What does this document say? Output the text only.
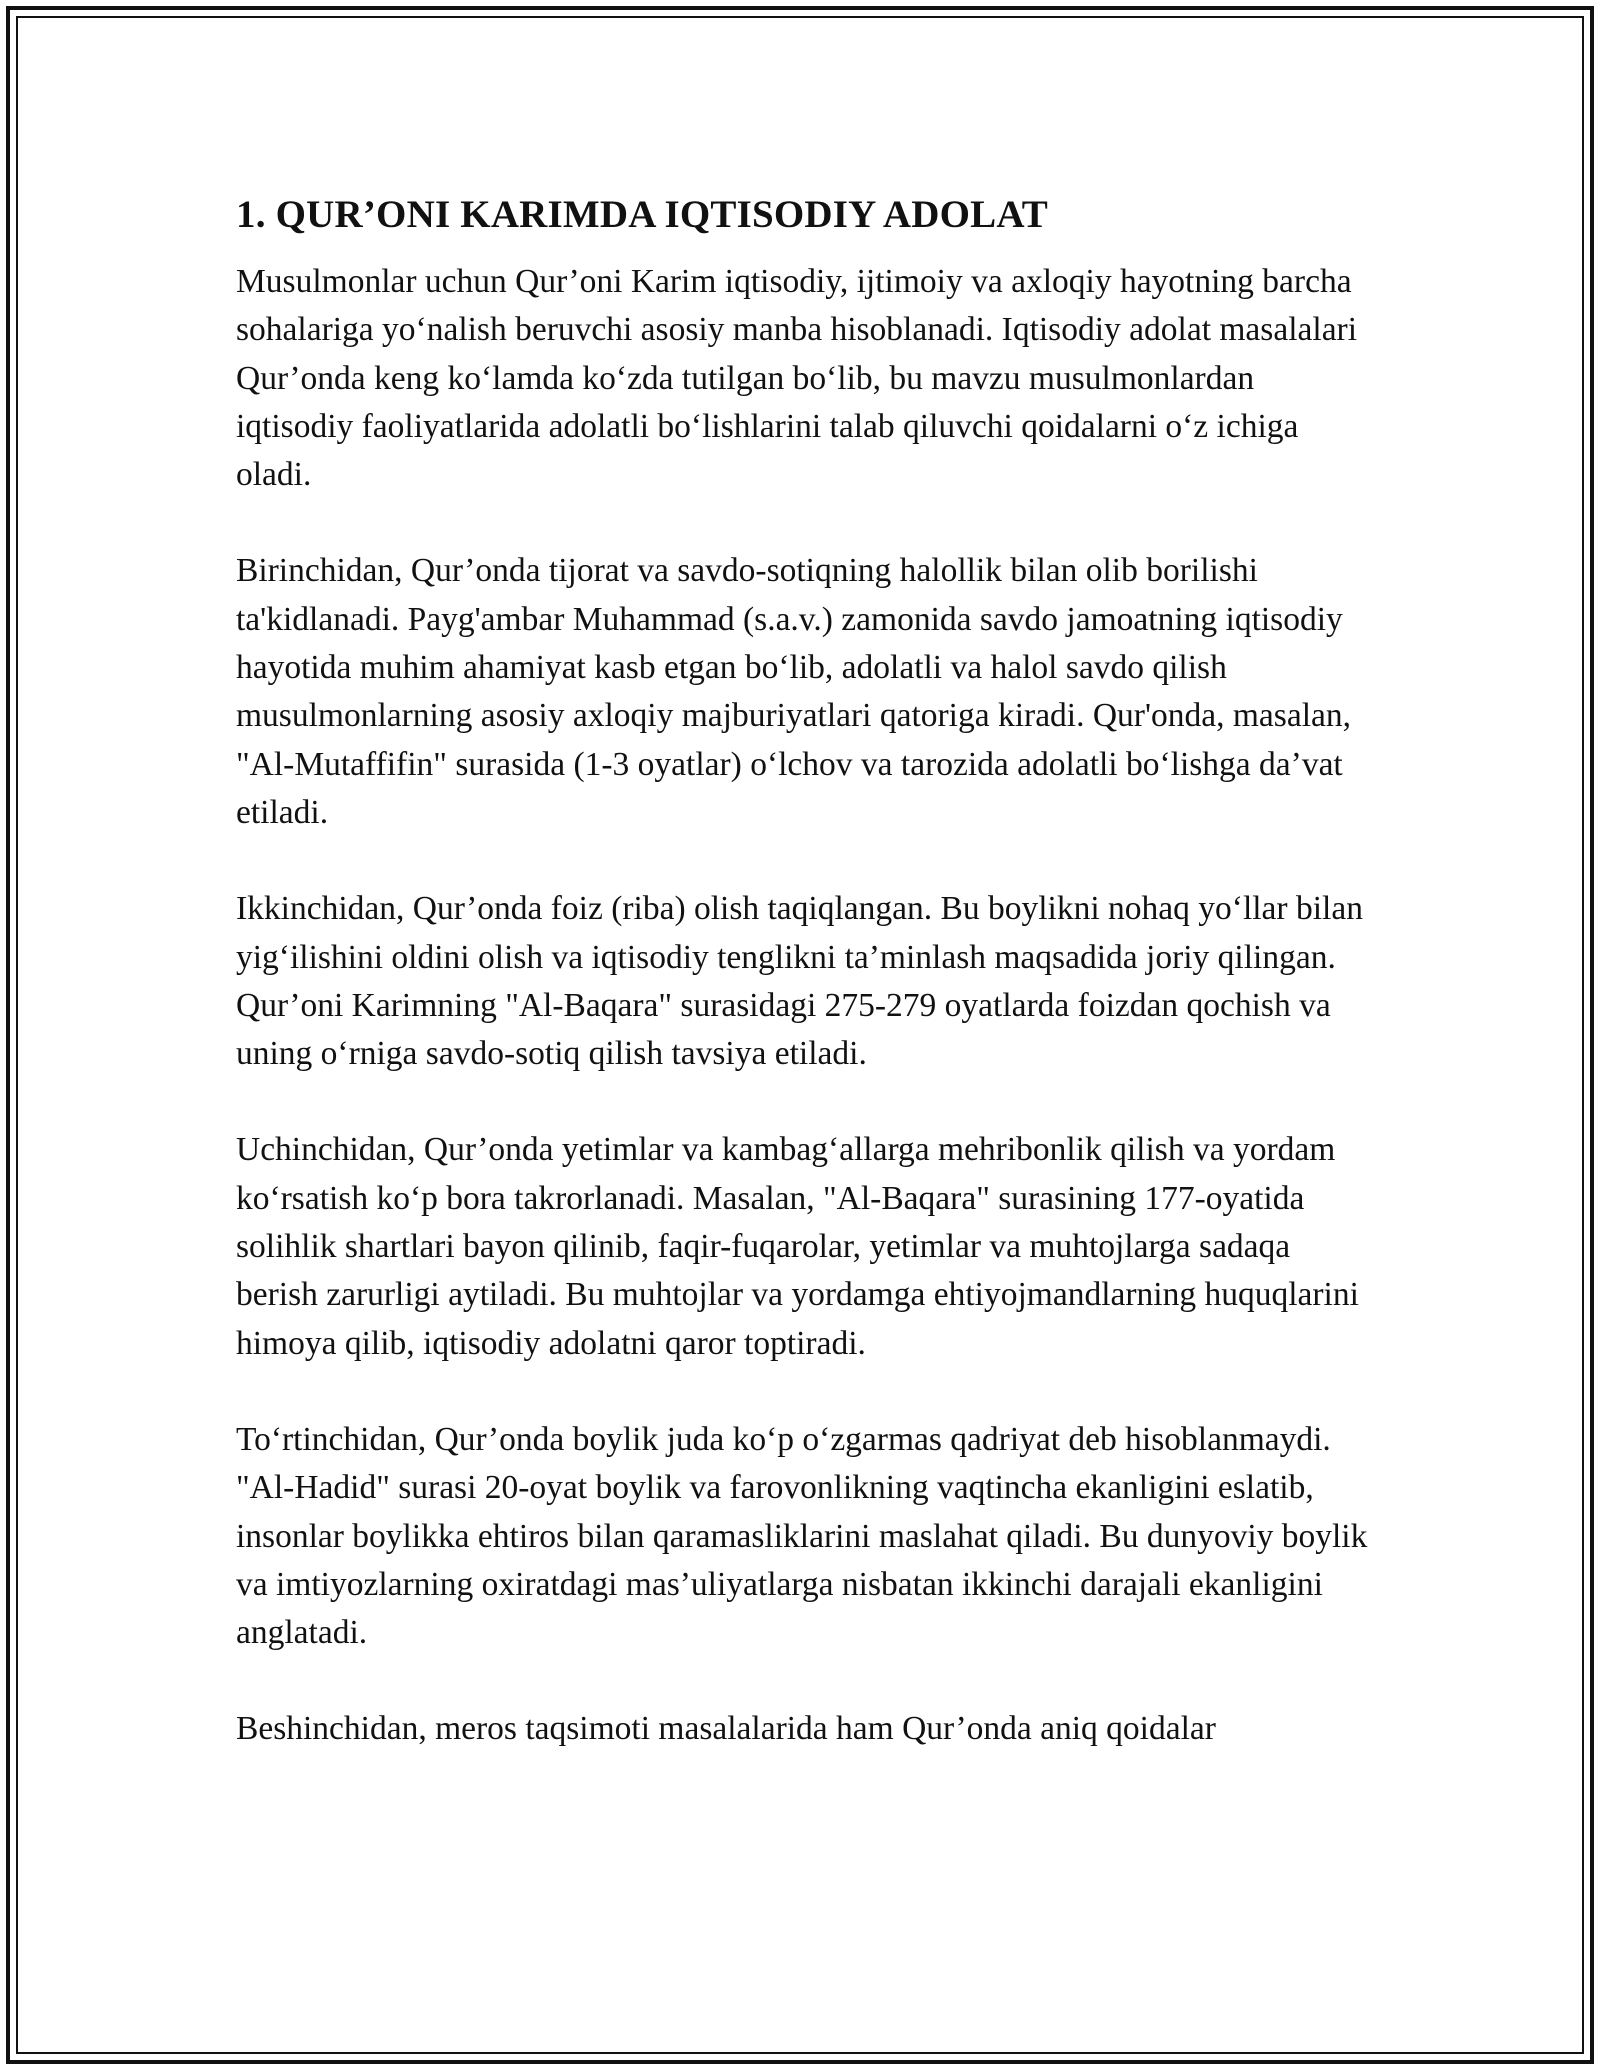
1. QUR’ONI KARIMDA IQTISODIY ADOLAT

Musulmonlar uchun Qur’oni Karim iqtisodiy, ijtimoiy va axloqiy hayotning barcha sohalariga yo‘nalish beruvchi asosiy manba hisoblanadi. Iqtisodiy adolat masalalari Qur’onda keng ko‘lamda ko‘zda tutilgan bo‘lib, bu mavzu musulmonlardan iqtisodiy faoliyatlarida adolatli bo‘lishlarini talab qiluvchi qoidalarni o‘z ichiga oladi.

Birinchidan, Qur’onda tijorat va savdo-sotiqning halollik bilan olib borilishi ta'kidlanadi. Payg'ambar Muhammad (s.a.v.) zamonida savdo jamoatning iqtisodiy hayotida muhim ahamiyat kasb etgan bo‘lib, adolatli va halol savdo qilish musulmonlarning asosiy axloqiy majburiyatlari qatoriga kiradi. Qur'onda, masalan, "Al-Mutaffifin" surasida (1-3 oyatlar) o‘lchov va tarozida adolatli bo‘lishga da’vat etiladi.

Ikkinchidan, Qur’onda foiz (riba) olish taqiqlangan. Bu boylikni nohaq yo‘llar bilan yig‘ilishini oldini olish va iqtisodiy tenglikni ta’minlash maqsadida joriy qilingan. Qur’oni Karimning "Al-Baqara" surasidagi 275-279 oyatlarda foizdan qochish va uning o‘rniga savdo-sotiq qilish tavsiya etiladi.

Uchinchidan, Qur’onda yetimlar va kambag‘allarga mehribonlik qilish va yordam ko‘rsatish ko‘p bora takrorlanadi. Masalan, "Al-Baqara" surasining 177-oyatida solihlik shartlari bayon qilinib, faqir-fuqarolar, yetimlar va muhtojlarga sadaqa berish zarurligi aytiladi. Bu muhtojlar va yordamga ehtiyojmandlarning huquqlarini himoya qilib, iqtisodiy adolatni qaror toptiradi.

To‘rtinchidan, Qur’onda boylik juda ko‘p o‘zgarmas qadriyat deb hisoblanmaydi. "Al-Hadid" surasi 20-oyat boylik va farovonlikning vaqtincha ekanligini eslatib, insonlar boylikka ehtiros bilan qaramasliklarini maslahat qiladi. Bu dunyoviy boylik va imtiyozlarning oxiratdagi mas’uliyatlarga nisbatan ikkinchi darajali ekanligini anglatadi.

Beshinchidan, meros taqsimoti masalalarida ham Qur’onda aniq qoidalar
